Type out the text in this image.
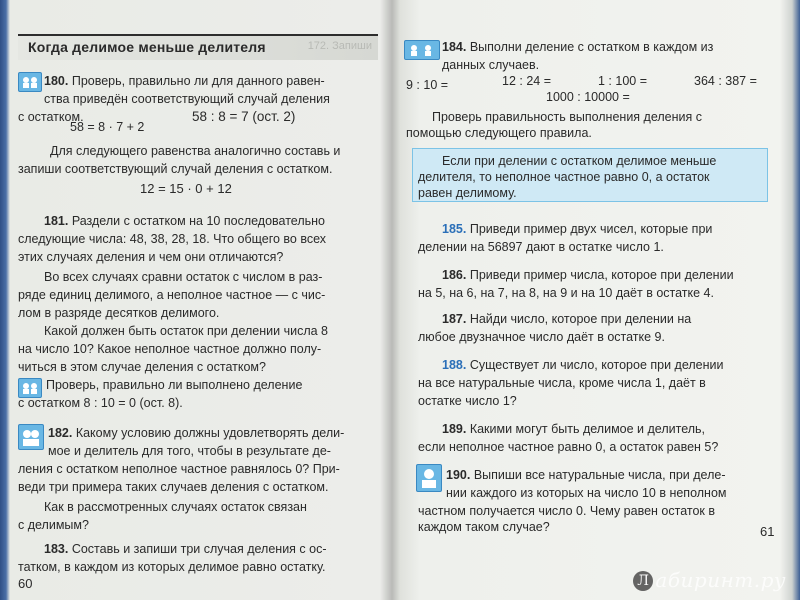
Когда делимое меньше делителя	172. Запиши
180. Проверь, правильно ли для данного равен-
ства приведён соответствующий случай деления
с остатком.
58 = 8 · 7 + 2
58 : 8 = 7 (ост. 2)
Для следующего равенства аналогично составь и
запиши соответствующий случай деления с остатком.
12 = 15 · 0 + 12
181. Раздели с остатком на 10 последовательно
следующие числа: 48, 38, 28, 18. Что общего во всех
этих случаях деления и чем они отличаются?
Во всех случаях сравни остаток с числом в раз-
ряде единиц делимого, а неполное частное — с чис-
лом в разряде десятков делимого.
Какой должен быть остаток при делении числа 8
на число 10? Какое неполное частное должно полу-
читься в этом случае деления с остатком?
Проверь, правильно ли выполнено деление
с остатком 8 : 10 = 0 (ост. 8).
182. Какому условию должны удовлетворять дели-
мое и делитель для того, чтобы в результате де-
ления с остатком неполное частное равнялось 0? При-
веди три примера таких случаев деления с остатком.
Как в рассмотренных случаях остаток связан
с делимым?
183. Составь и запиши три случая деления с ос-
татком, в каждом из которых делимое равно остатку.
60
184. Выполни деление с остатком в каждом из
данных случаев.
9 : 10 =	12 : 24 =	1 : 100 =	364 : 387 =
1000 : 10000 =
Проверь правильность выполнения деления с
помощью следующего правила.
Если при делении с остатком делимое меньше
делителя, то неполное частное равно 0, а остаток
равен делимому.
185. Приведи пример двух чисел, которые при
делении на 56897 дают в остатке число 1.
186. Приведи пример числа, которое при делении
на 5, на 6, на 7, на 8, на 9 и на 10 даёт в остатке 4.
187. Найди число, которое при делении на
любое двузначное число даёт в остатке 9.
188. Существует ли число, которое при делении
на все натуральные числа, кроме числа 1, даёт в
остатке число 1?
189. Какими могут быть делимое и делитель,
если неполное частное равно 0, а остаток равен 5?
190. Выпиши все натуральные числа, при деле-
нии каждого из которых на число 10 в неполном
частном получается число 0. Чему равен остаток в
каждом таком случае?	61
Л абиринт.ру
